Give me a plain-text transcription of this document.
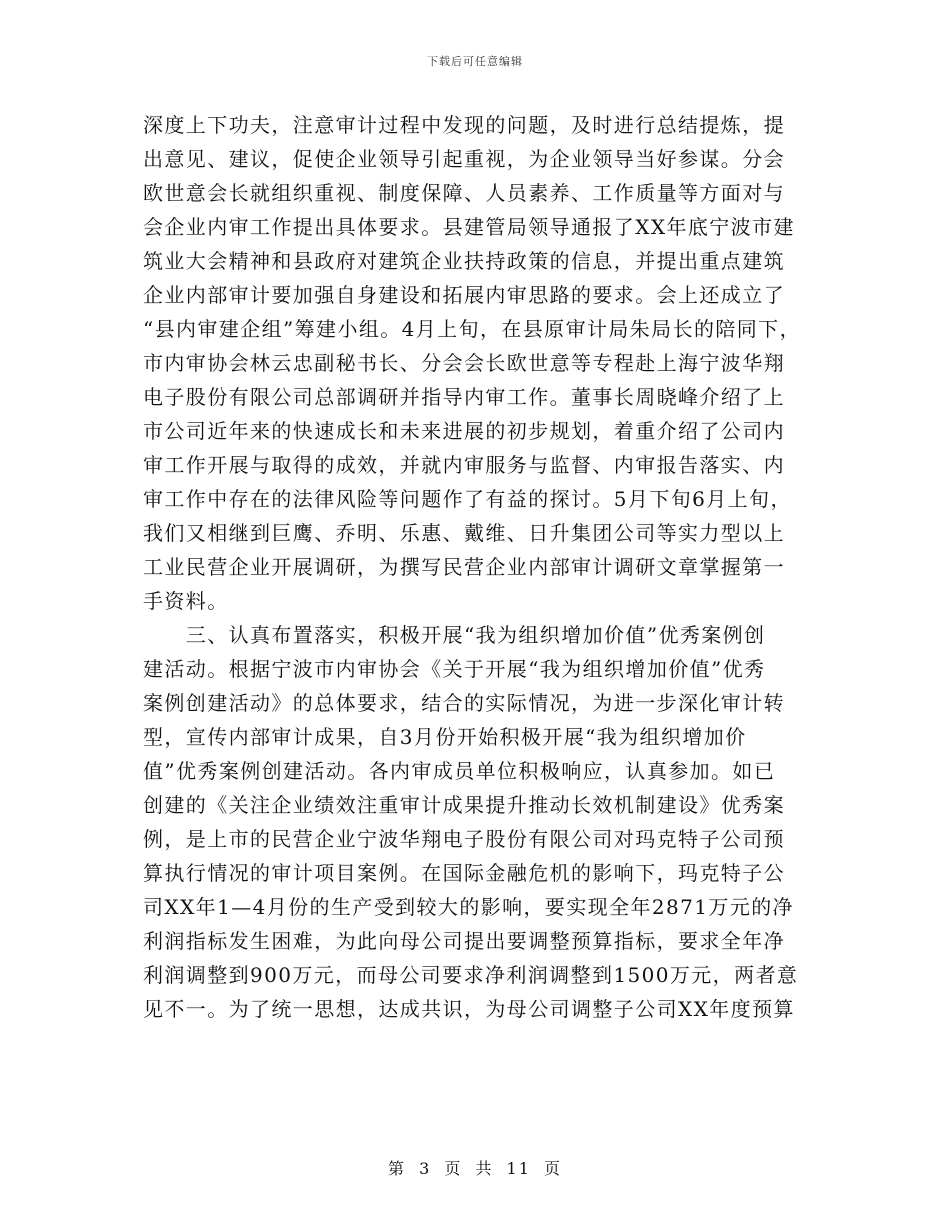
下载后可任意编辑
深度上下功夫，注意审计过程中发现的问题，及时进行总结提炼，提
出意见、建议，促使企业领导引起重视，为企业领导当好参谋。分会
欧世意会长就组织重视、制度保障、人员素养、工作质量等方面对与
会企业内审工作提出具体要求。县建管局领导通报了XX年底宁波市建
筑业大会精神和县政府对建筑企业扶持政策的信息，并提出重点建筑
企业内部审计要加强自身建设和拓展内审思路的要求。会上还成立了
“县内审建企组”筹建小组。4月上旬，在县原审计局朱局长的陪同下，
市内审协会林云忠副秘书长、分会会长欧世意等专程赴上海宁波华翔
电子股份有限公司总部调研并指导内审工作。董事长周晓峰介绍了上
市公司近年来的快速成长和未来进展的初步规划，着重介绍了公司内
审工作开展与取得的成效，并就内审服务与监督、内审报告落实、内
审工作中存在的法律风险等问题作了有益的探讨。5月下旬6月上旬，
我们又相继到巨鹰、乔明、乐惠、戴维、日升集团公司等实力型以上
工业民营企业开展调研，为撰写民营企业内部审计调研文章掌握第一
手资料。
　　三、认真布置落实，积极开展“我为组织增加价值”优秀案例创
建活动。根据宁波市内审协会《关于开展“我为组织增加价值”优秀
案例创建活动》的总体要求，结合的实际情况，为进一步深化审计转
型，宣传内部审计成果，自3月份开始积极开展“我为组织增加价
值”优秀案例创建活动。各内审成员单位积极响应，认真参加。如已
创建的《关注企业绩效注重审计成果提升推动长效机制建设》优秀案
例，是上市的民营企业宁波华翔电子股份有限公司对玛克特子公司预
算执行情况的审计项目案例。在国际金融危机的影响下，玛克特子公
司XX年1—4月份的生产受到较大的影响，要实现全年2871万元的净
利润指标发生困难，为此向母公司提出要调整预算指标，要求全年净
利润调整到900万元，而母公司要求净利润调整到1500万元，两者意
见不一。为了统一思想，达成共识，为母公司调整子公司XX年度预算
第 3 页 共 11 页
